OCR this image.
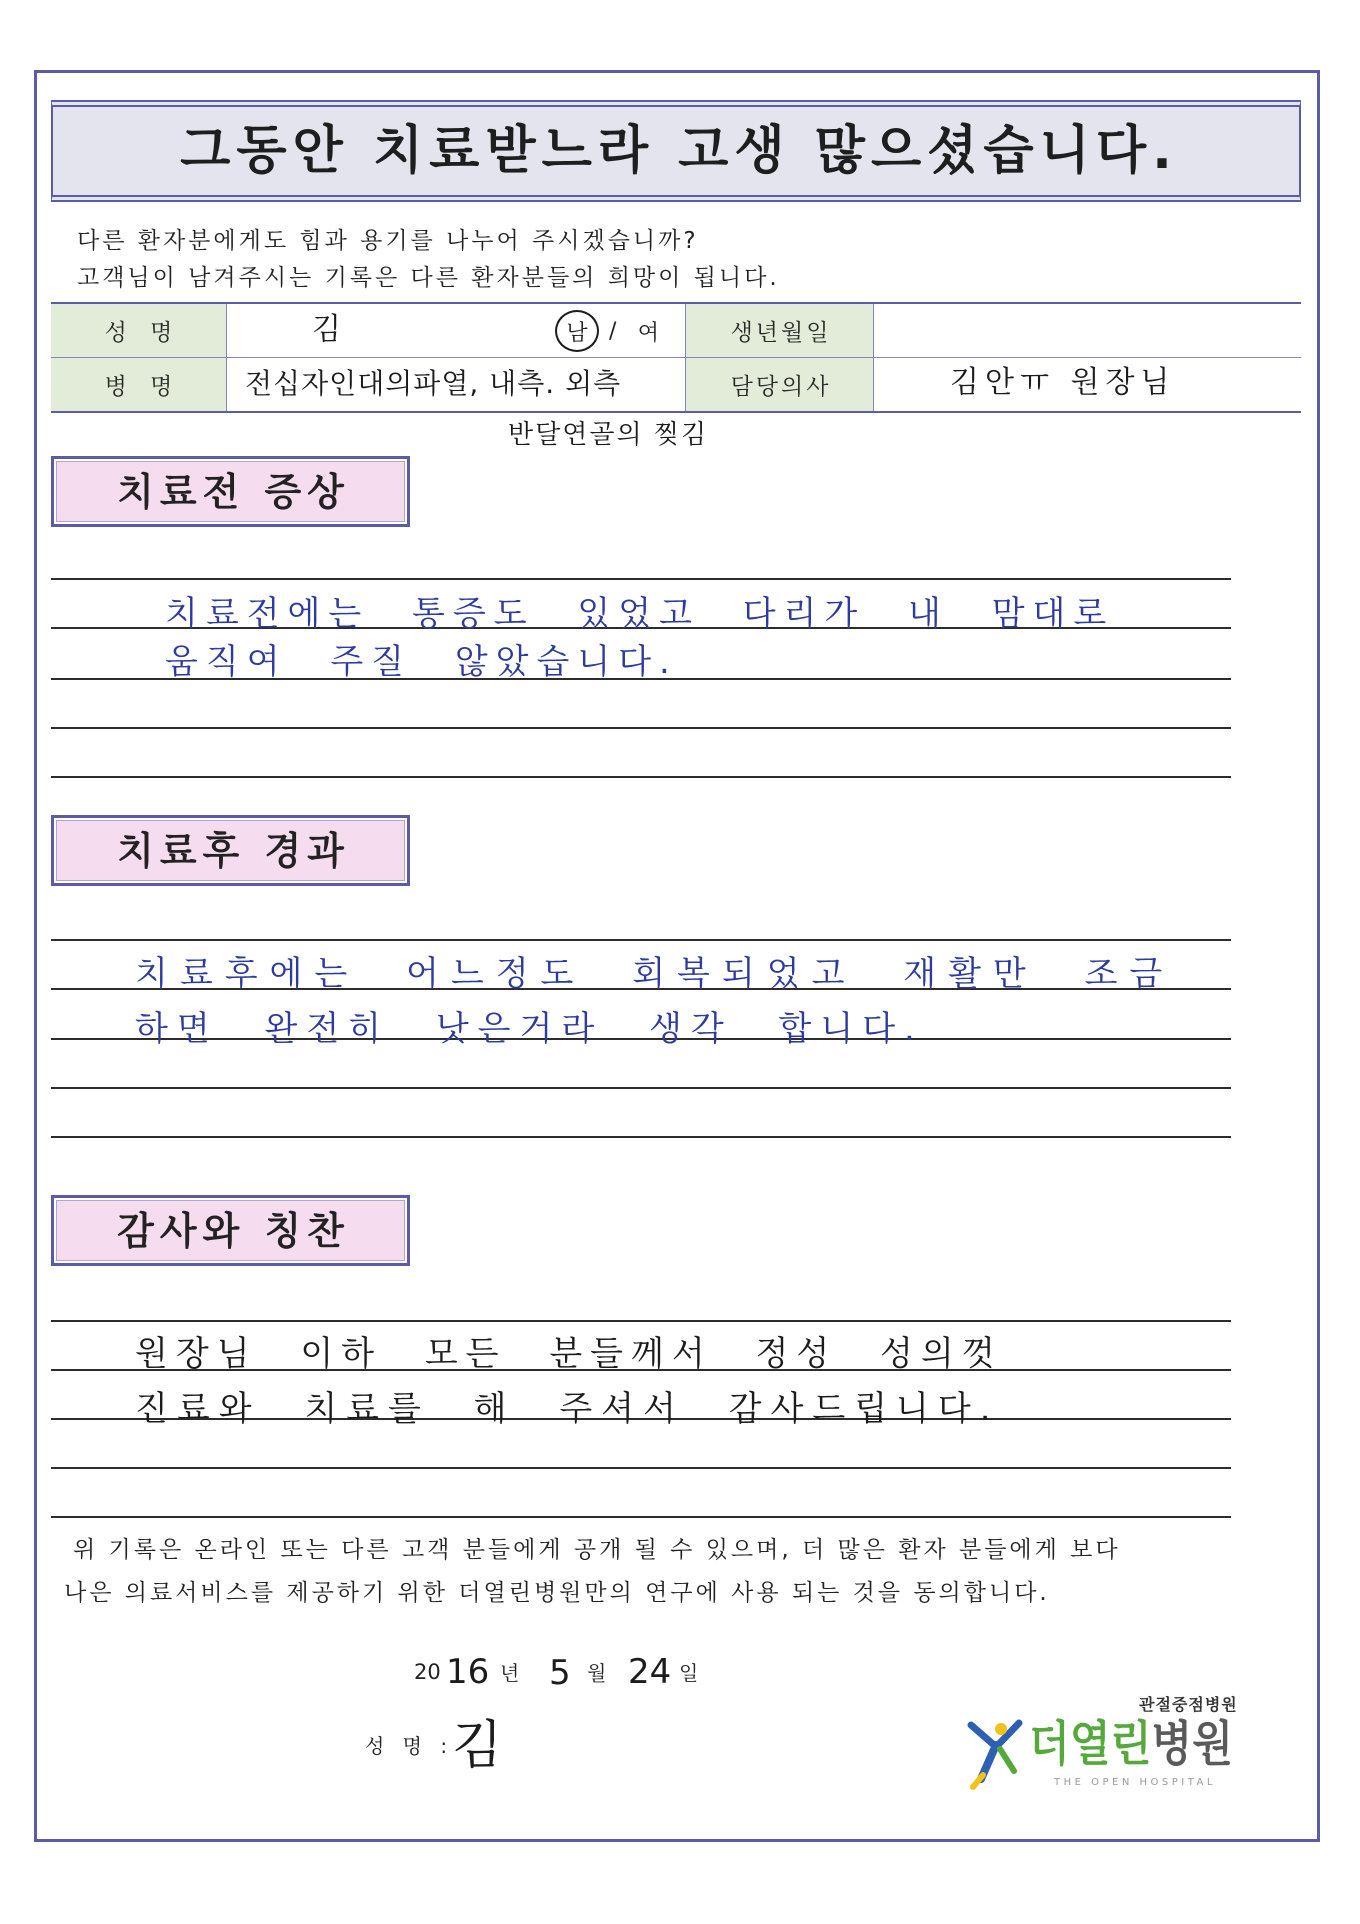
그동안 치료받느라 고생 많으셨습니다.
다른 환자분에게도 힘과 용기를 나누어 주시겠습니까?
고객님이 남겨주시는 기록은 다른 환자분들의 희망이 됩니다.
성 명	김	남 / 여	생년월일
병 명 전십자인대의파열, 내측. 외측	담당의사	김안ㅠ 원장님
반달연골의 찢김
치료전 증상
치료전에는 통증도 있었고 다리가 내 맘대로
움직여 주질 않았습니다.
치료후 경과
치료후에는 어느정도 회복되었고 재활만 조금
하면 완전히 낫은거라 생각 합니다.
감사와 칭찬
원장님 이하 모든 분들께서 정성 성의껏
진료와 치료를 해 주셔서 감사드립니다.
위 기록은 온라인 또는 다른 고객 분들에게 공개 될 수 있으며, 더 많은 환자 분들에게 보다
나은 의료서비스를 제공하기 위한 더열린병원만의 연구에 사용 되는 것을 동의합니다.
20 16 년 5 월 24 일
성 명 :
김
관절중점병원
더열린병원
THE OPEN HOSPITAL
